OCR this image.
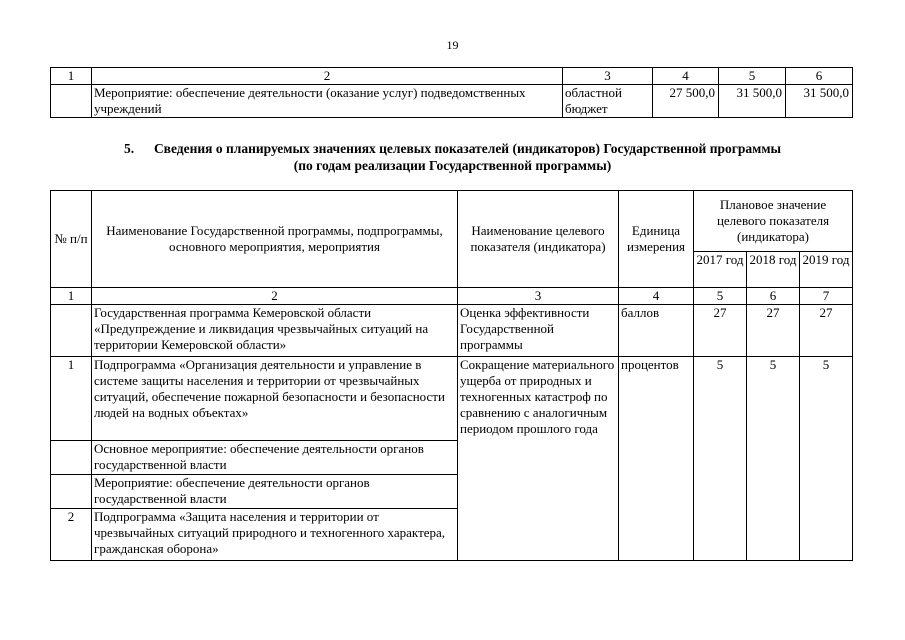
19
1	2	3	4	5	6
	Мероприятие: обеспечение деятельности (оказание услуг) подведомственных учреждений	областной бюджет	27 500,0	31 500,0	31 500,0
5. Сведения о планируемых значениях целевых показателей (индикаторов) Государственной программы
(по годам реализации Государственной программы)
№ п/п	Наименование Государственной программы, подпрограммы, основного мероприятия, мероприятия	Наименование целевого показателя (индикатора)	Единица измерения	Плановое значение целевого показателя (индикатора)		
				2017 год	2018 год	2019 год
1	2	3	4	5	6	7
	Государственная программа Кемеровской области «Предупреждение и ликвидация чрезвычайных ситуаций на территории Кемеровской области»	Оценка эффективности Государственной программы	баллов	27	27	27
1	Подпрограмма «Организация деятельности и управление в системе защиты населения и территории от чрезвычайных ситуаций, обеспечение пожарной безопасности и безопасности людей на водных объектах»	Сокращение материального ущерба от природных и техногенных катастроф по сравнению с аналогичным периодом прошлого года	процентов	5	5	5
	Основное мероприятие: обеспечение деятельности органов государственной власти					
	Мероприятие: обеспечение деятельности органов государственной власти					
2	Подпрограмма «Защита населения и территории от чрезвычайных ситуаций природного и техногенного характера, гражданская оборона»					
